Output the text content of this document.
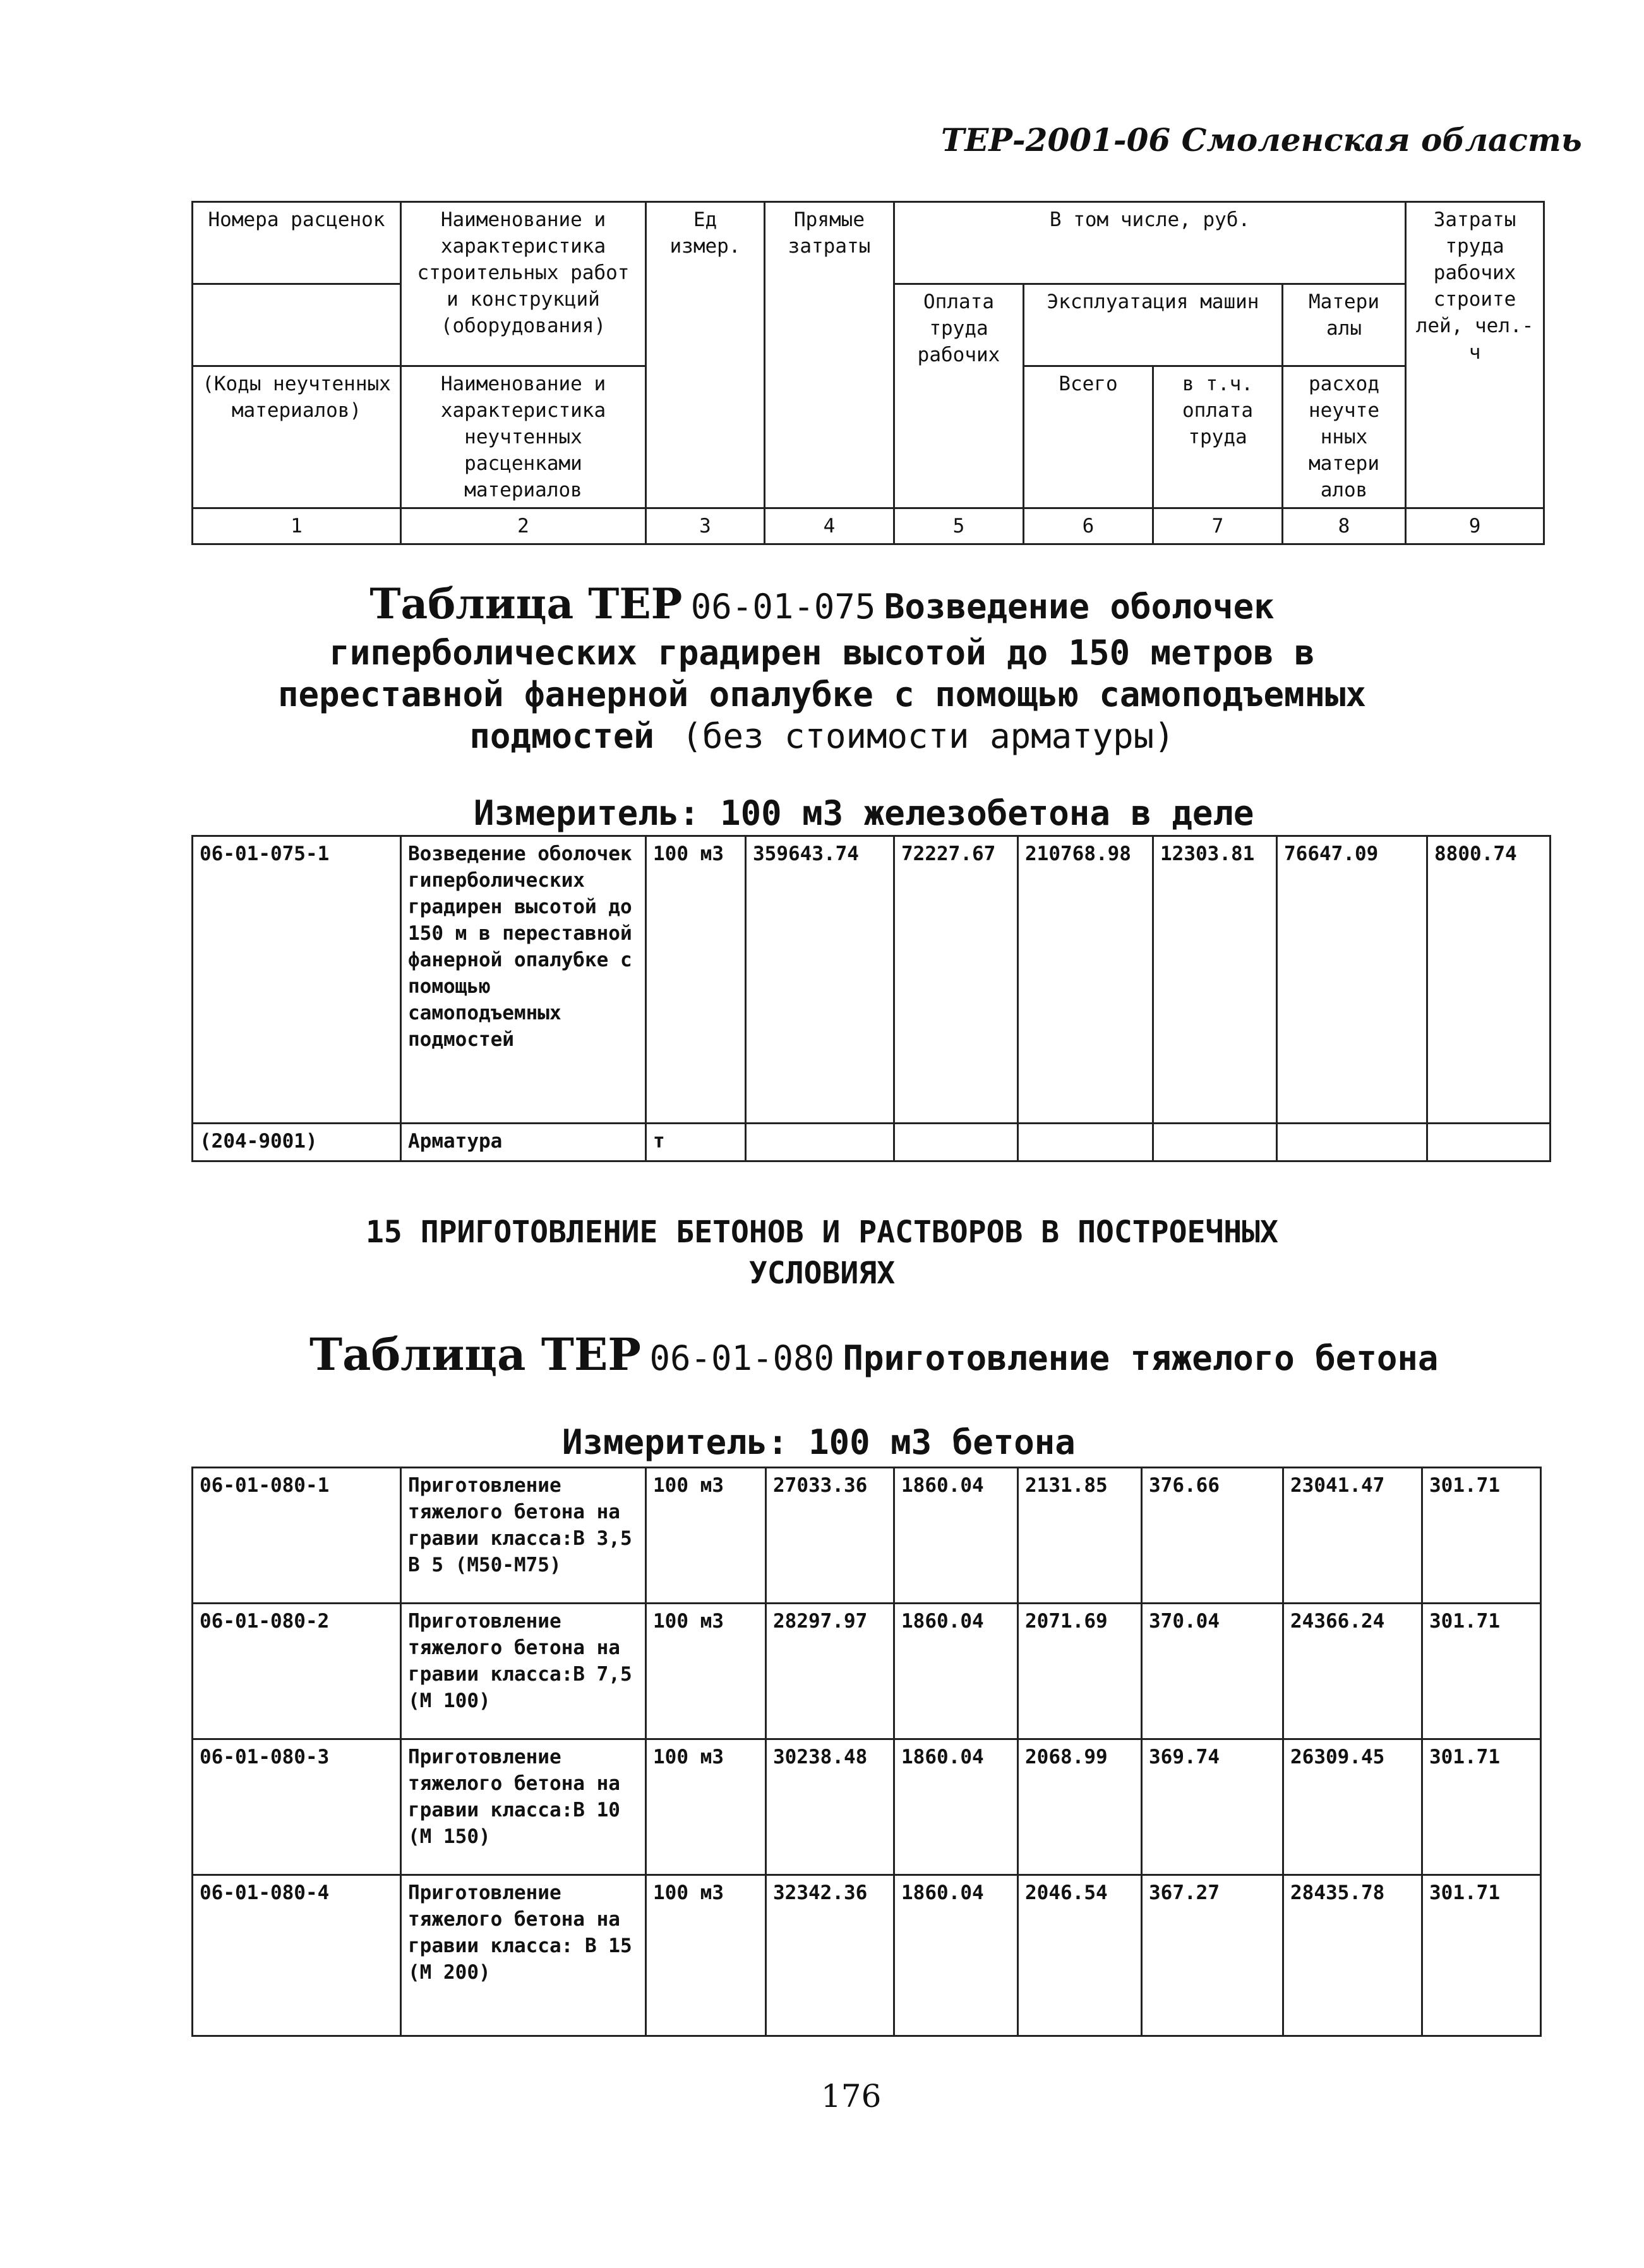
ТЕР-2001-06 Смоленская область
Номера расценок	Наименование и характеристика строительных работ и конструкций (оборудования)	Ед измер.	Прямые затраты	В том числе, руб.				Затраты труда рабочих строите лей, чел.-ч
				Оплата труда рабочих	Эксплуатация машин		Матери алы	
(Коды неучтенных материалов)	Наименование и характеристика неучтенных расценками материалов				Всего	в т.ч. оплата труда	расход неучте нных матери алов	
1	2	3	4	5	6	7	8	9
Таблица ТЕР 06-01-075 Возведение оболочек
гиперболических градирен высотой до 150 метров в
переставной фанерной опалубке с помощью самоподъемных
подмостей (без стоимости арматуры)
Измеритель: 100 м3 железобетона в деле
06-01-075-1	Возведение оболочек гиперболических градирен высотой до 150 м в переставной фанерной опалубке с помощью самоподъемных подмостей	100 м3	359643.74	72227.67	210768.98	12303.81	76647.09	8800.74
(204-9001)	Арматура	т						
15 ПРИГОТОВЛЕНИЕ БЕТОНОВ И РАСТВОРОВ В ПОСТРОЕЧНЫХ
УСЛОВИЯХ
Таблица ТЕР 06-01-080 Приготовление тяжелого бетона
Измеритель: 100 м3 бетона
06-01-080-1	Приготовление тяжелого бетона на гравии класса:В 3,5 В 5 (М50-М75)	100 м3	27033.36	1860.04	2131.85	376.66	23041.47	301.71
06-01-080-2	Приготовление тяжелого бетона на гравии класса:В 7,5 (М 100)	100 м3	28297.97	1860.04	2071.69	370.04	24366.24	301.71
06-01-080-3	Приготовление тяжелого бетона на гравии класса:В 10 (М 150)	100 м3	30238.48	1860.04	2068.99	369.74	26309.45	301.71
06-01-080-4	Приготовление тяжелого бетона на гравии класса: В 15 (М 200)	100 м3	32342.36	1860.04	2046.54	367.27	28435.78	301.71
176
